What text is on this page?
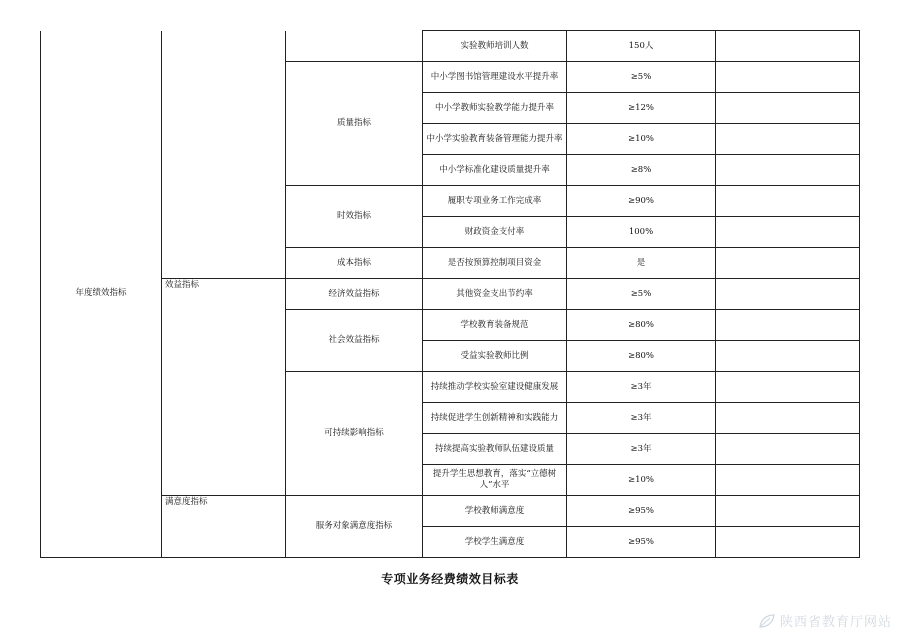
年度绩效指标			实验教师培训人数	150人	
		质量指标	中小学图书馆管理建设水平提升率	≥5%	
			中小学教师实验教学能力提升率	≥12%	
			中小学实验教育装备管理能力提升率	≥10%	
			中小学标准化建设质量提升率	≥8%	
		时效指标	履职专项业务工作完成率	≥90%	
			财政资金支付率	100%	
		成本指标	是否按预算控制项目资金	是	
	效益指标	经济效益指标	其他资金支出节约率	≥5%	
		社会效益指标	学校教育装备规范	≥80%	
			受益实验教师比例	≥80%	
		可持续影响指标	持续推动学校实验室建设健康发展	≥3年	
			持续促进学生创新精神和实践能力	≥3年	
			持续提高实验教师队伍建设质量	≥3年	
			提升学生思想教育，落实“立德树人”水平	≥10%	
	满意度指标	服务对象满意度指标	学校教师满意度	≥95%	
			学校学生满意度	≥95%	
专项业务经费绩效目标表
陕西省教育厅网站
